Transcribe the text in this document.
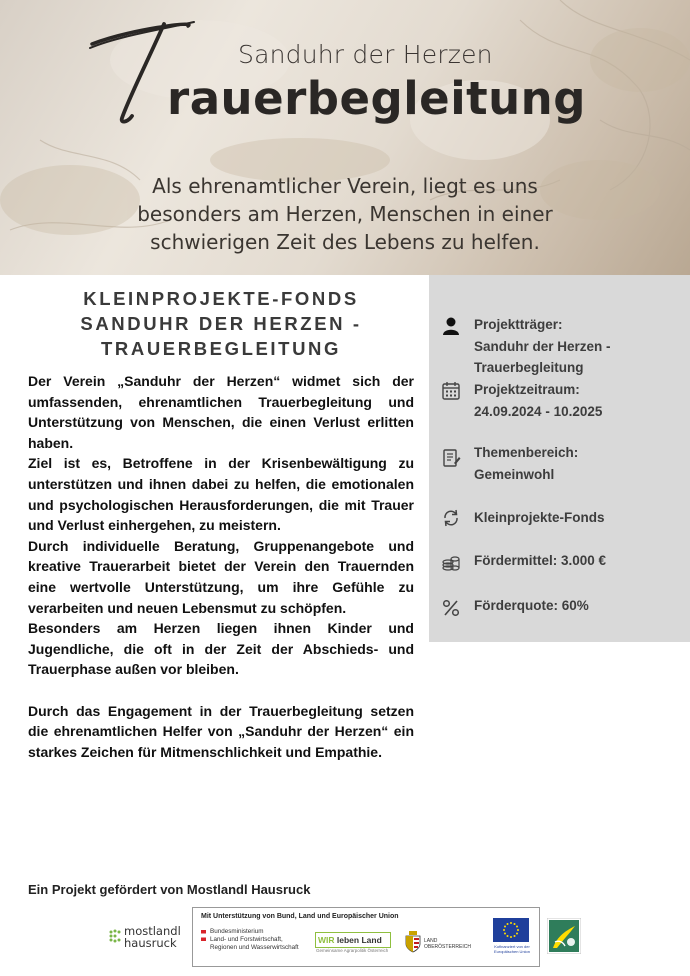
Sanduhr der Herzen
rauerbegleitung
Als ehrenamtlicher Verein, liegt es uns
besonders am Herzen, Menschen in einer
schwierigen Zeit des Lebens zu helfen.
KLEINPROJEKTE-FONDS
SANDUHR DER HERZEN -
TRAUERBEGLEITUNG

Der Verein „Sanduhr der Herzen“ widmet sich der umfassenden, ehrenamtlichen Trauerbegleitung und Unterstützung von Menschen, die einen Verlust erlitten haben.

Ziel ist es, Betroffene in der Krisenbewältigung zu unterstützen und ihnen dabei zu helfen, die emotionalen und psychologischen Herausforderungen, die mit Trauer und Verlust einhergehen, zu meistern.

Durch individuelle Beratung, Gruppenangebote und kreative Trauerarbeit bietet der Verein den Trauernden eine wertvolle Unterstützung, um ihre Gefühle zu verarbeiten und neuen Lebensmut zu schöpfen.

Besonders am Herzen liegen ihnen Kinder und Jugendliche, die oft in der Zeit der Abschieds- und Trauerphase außen vor bleiben.

Durch das Engagement in der Trauerbegleitung setzen die ehrenamtlichen Helfer von „Sanduhr der Herzen“ ein starkes Zeichen für Mitmenschlichkeit und Empathie.

Projektträger:
Sanduhr der Herzen -
Trauerbegleitung
Projektzeitraum:
24.09.2024 - 10.2025
Themenbereich:
Gemeinwohl
Kleinprojekte-Fonds
Fördermittel: 3.000 €
Förderquote: 60%
Ein Projekt gefördert von Mostlandl Hausruck
mostlandl
hausruck
Mit Unterstützung von Bund, Land und Europäischer Union
Bundesministerium
Land- und Forstwirtschaft,
Regionen und Wasserwirtschaft
WIR leben Land
Gemeinsame Agrarpolitik Österreich
LAND
OBERÖSTERREICH	Kofinanziert von der
Europäischen Union
